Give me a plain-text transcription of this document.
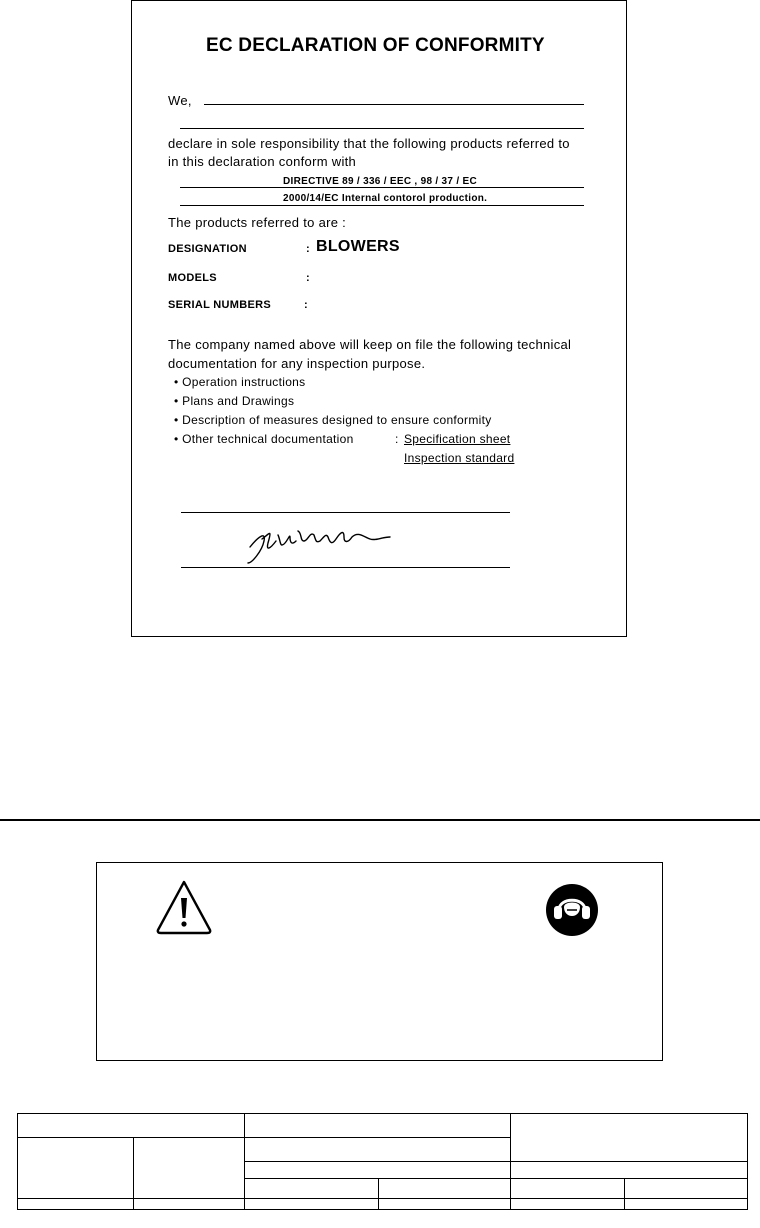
EC DECLARATION OF CONFORMITY
We,
declare in sole responsibility that the following products referred to
in this declaration conform with
DIRECTIVE 89 / 336 / EEC , 98 / 37 / EC
2000/14/EC Internal contorol production.
The products referred to are :
DESIGNATION	: BLOWERS
MODELS	:
SERIAL NUMBERS	:
The company named above will keep on file the following technical
documentation for any inspection purpose.
• Operation instructions
• Plans and Drawings
• Description of measures designed to ensure conformity
• Other technical documentation	: Specification sheet
Inspection standard
